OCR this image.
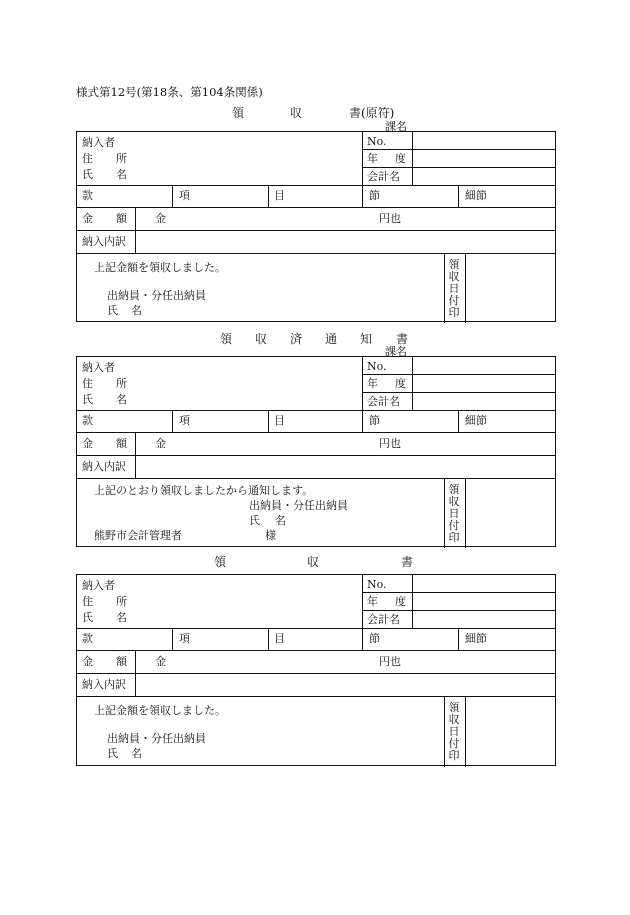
様式第12号(第18条、第104条関係)
領	収	書(原符)
課名
納入者
住 所
氏 名
No.
年 度
会計名
款	項	目	節	細節
金 額	金	円也
納入内訳
上記金額を領収しました。
出納員・分任出納員
氏 名
領収日付印
領 収 済 通 知 書
課名
納入者
住 所
氏 名
No.
年 度
会計名
款	項	目	節	細節
金 額	金	円也
納入内訳
上記のとおり領収しましたから通知します。
出納員・分任出納員
氏 名
熊野市会計管理者	様
領収日付印
領	収	書
納入者
住 所
氏 名
No.
年 度
会計名
款	項	目	節	細節
金 額	金	円也
納入内訳
上記金額を領収しました。
出納員・分任出納員
氏 名
領収日付印
